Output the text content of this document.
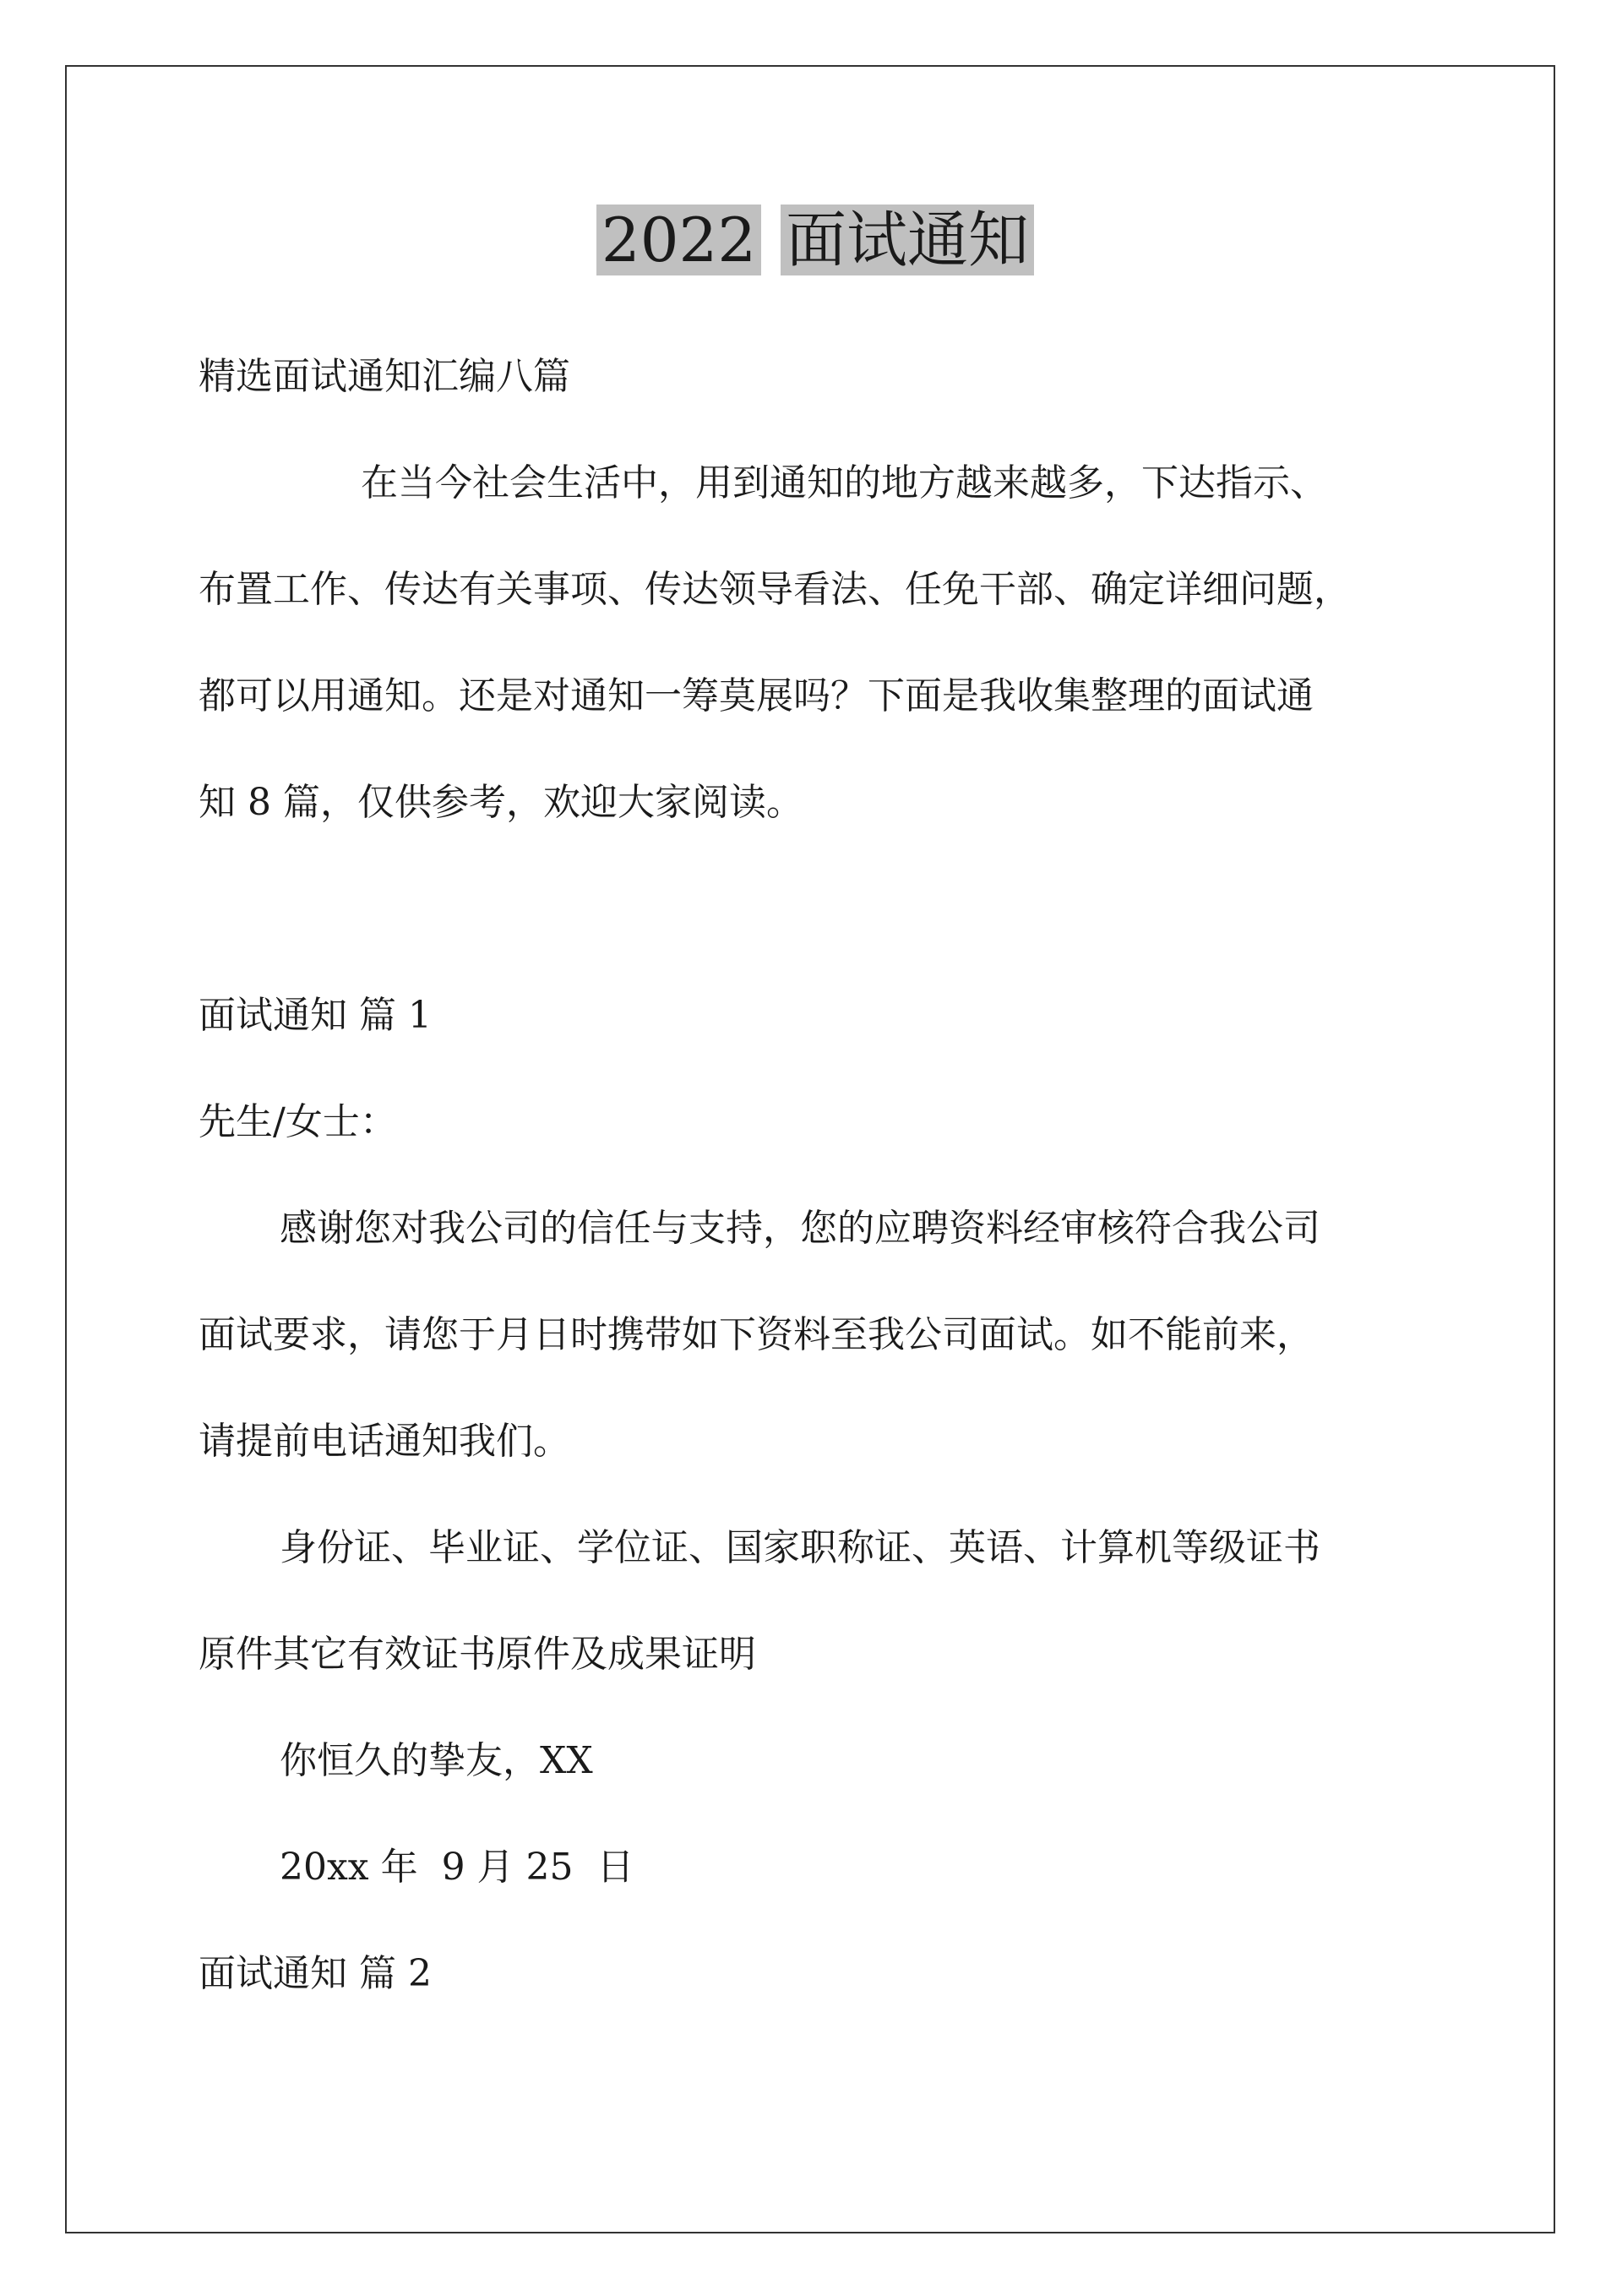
2022 面试通知
精选面试通知汇编八篇
在当今社会生活中，用到通知的地方越来越多，下达指示、
布置工作、传达有关事项、传达领导看法、任免干部、确定详细问题，
都可以用通知。还是对通知一筹莫展吗？下面是我收集整理的面试通
知 8 篇，仅供参考，欢迎大家阅读。
面试通知 篇 1
先生/女士：
感谢您对我公司的信任与支持，您的应聘资料经审核符合我公司
面试要求，请您于月日时携带如下资料至我公司面试。如不能前来，
请提前电话通知我们。
身份证、毕业证、学位证、国家职称证、英语、计算机等级证书
原件其它有效证书原件及成果证明
你恒久的挚友，XX
20xx 年  9 月 25  日
面试通知 篇 2
